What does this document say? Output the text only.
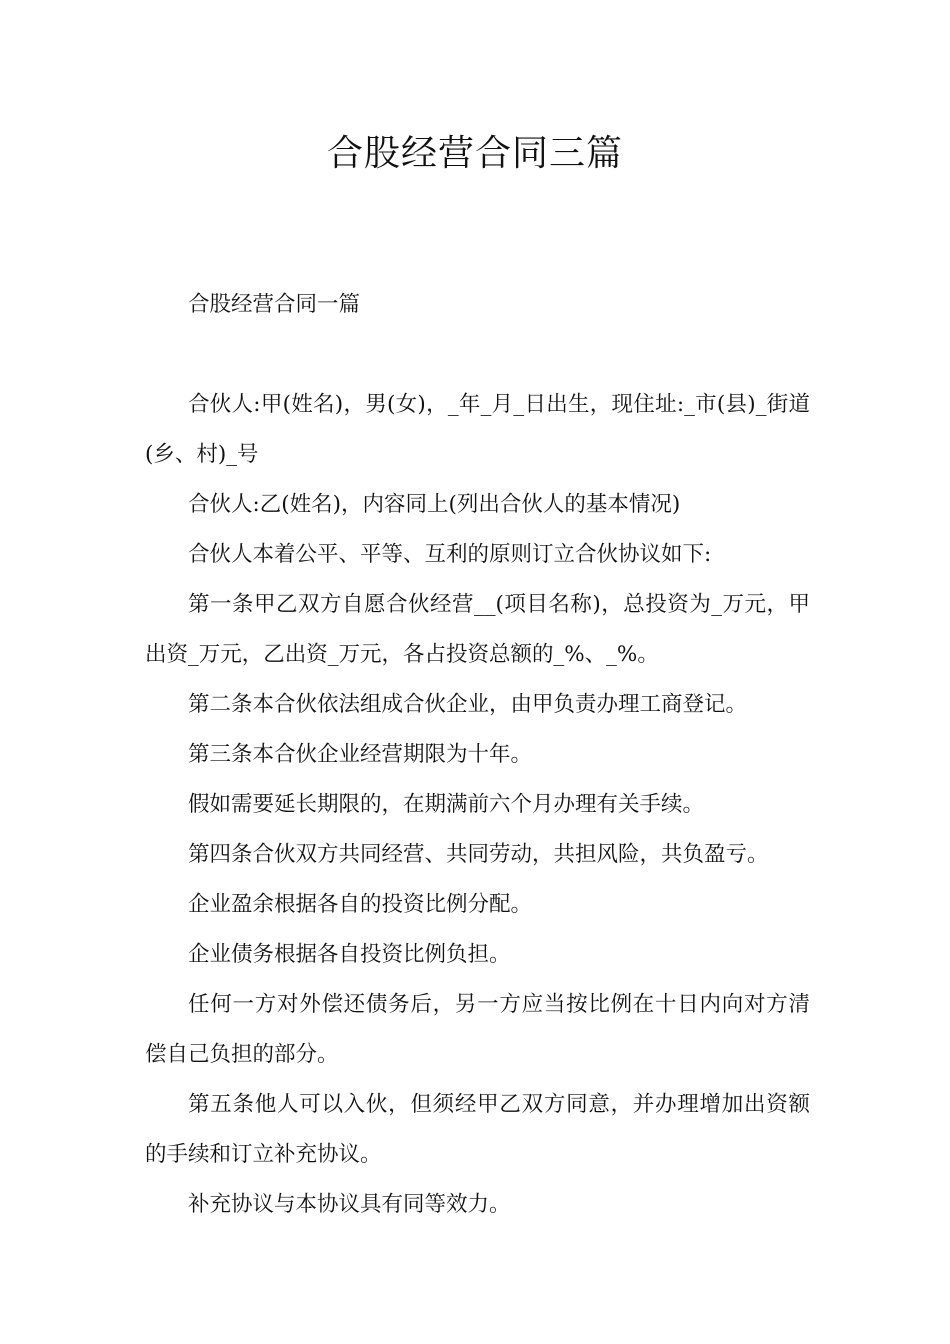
合股经营合同三篇

合股经营合同一篇

合伙人:甲(姓名)，男(女)，_年_月_日出生，现住址:_市(县)_街道(乡、村)_号

合伙人:乙(姓名)，内容同上(列出合伙人的基本情况)

合伙人本着公平、平等、互利的原则订立合伙协议如下:

第一条甲乙双方自愿合伙经营__(项目名称)，总投资为_万元，甲出资_万元，乙出资_万元，各占投资总额的_%、_%。

第二条本合伙依法组成合伙企业，由甲负责办理工商登记。

第三条本合伙企业经营期限为十年。

假如需要延长期限的，在期满前六个月办理有关手续。

第四条合伙双方共同经营、共同劳动，共担风险，共负盈亏。

企业盈余根据各自的投资比例分配。

企业债务根据各自投资比例负担。

任何一方对外偿还债务后，另一方应当按比例在十日内向对方清偿自己负担的部分。

第五条他人可以入伙，但须经甲乙双方同意，并办理增加出资额的手续和订立补充协议。

补充协议与本协议具有同等效力。
